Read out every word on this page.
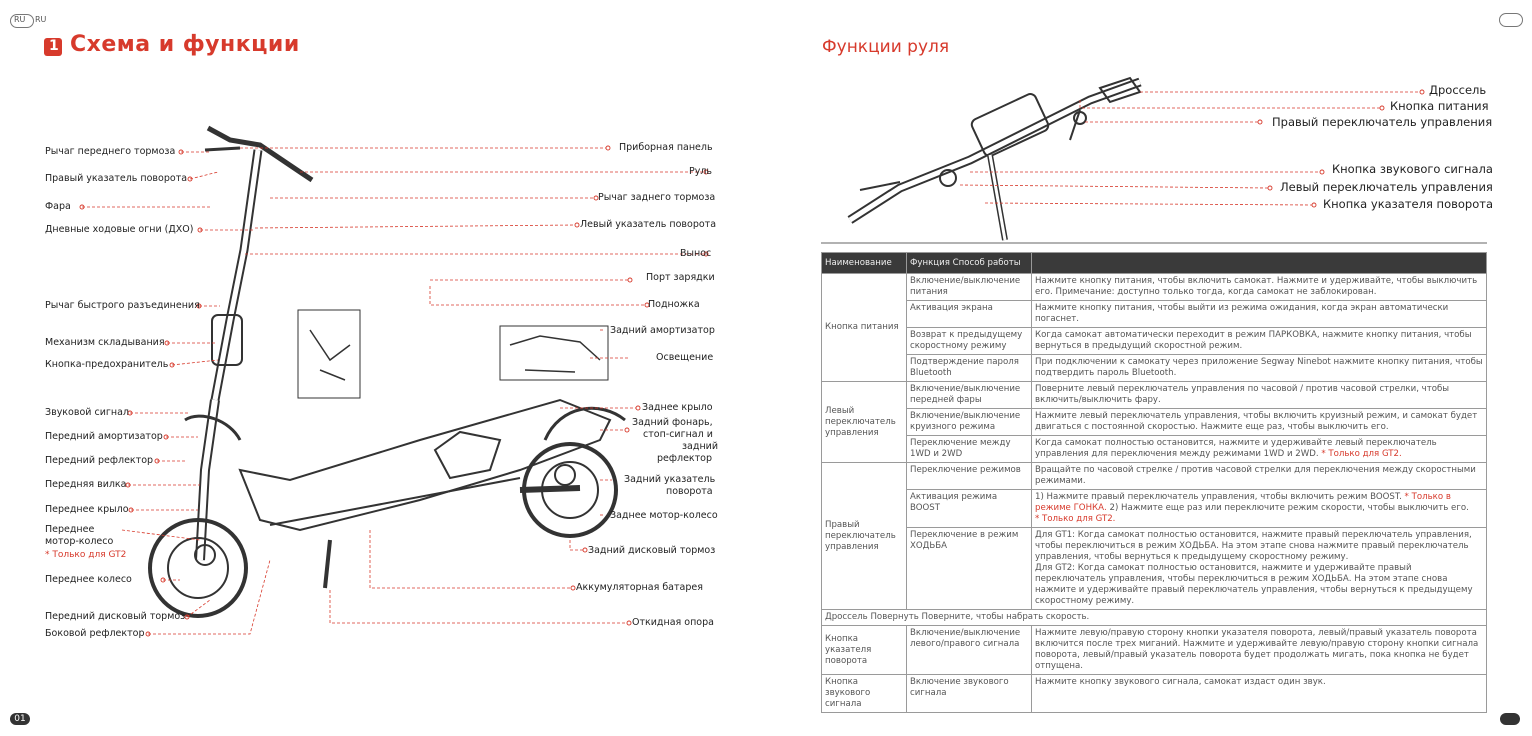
RU RU
1 Схема и функции
Рычаг переднего тормоза
Правый указатель поворота
Фара
Дневные ходовые огни (ДХО)
Рычаг быстрого разъединения
Механизм складывания
Кнопка-предохранитель
Звуковой сигнал
Передний амортизатор
Передний рефлектор
Передняя вилка
Переднее крыло
Переднее
мотор-колесо
* Только для GT2
Переднее колесо
Передний дисковый тормоз
Боковой рефлектор
Приборная панель
Руль
Рычаг заднего тормоза
Левый указатель поворота
Вынос
Порт зарядки
Подножка
Задний амортизатор
Освещение
Заднее крыло
Задний фонарь,
стоп-сигнал и
задний
рефлектор
Задний указатель
поворота
Заднее мотор-колесо
Задний дисковый тормоз
Аккумуляторная батарея
Откидная опора
01
Функции руля
Дроссель
Кнопка питания
Правый переключатель управления
Кнопка звукового сигнала
Левый переключатель управления
Кнопка указателя поворота
Наименование	Функция Способ работы	
Кнопка питания	Включение/выключение питания	Нажмите кнопку питания, чтобы включить самокат. Нажмите и удерживайте, чтобы выключить его. Примечание: доступно только тогда, когда самокат не заблокирован.
	Активация экрана	Нажмите кнопку питания, чтобы выйти из режима ожидания, когда экран автоматически погаснет.
	Возврат к предыдущему скоростному режиму	Когда самокат автоматически переходит в режим ПАРКОВКА, нажмите кнопку питания, чтобы вернуться в предыдущий скоростной режим.
	Подтверждение пароля Bluetooth	При подключении к самокату через приложение Segway Ninebot нажмите кнопку питания, чтобы подтвердить пароль Bluetooth.
Левый переключатель управления	Включение/выключение передней фары	Поверните левый переключатель управления по часовой / против часовой стрелки, чтобы включить/выключить фару.
	Включение/выключение круизного режима	Нажмите левый переключатель управления, чтобы включить круизный режим, и самокат будет двигаться с постоянной скоростью. Нажмите еще раз, чтобы выключить его.
	Переключение между 1WD и 2WD	Когда самокат полностью остановится, нажмите и удерживайте левый переключатель управления для переключения между режимами 1WD и 2WD. * Только для GT2.
Правый переключатель управления	Переключение режимов	Вращайте по часовой стрелке / против часовой стрелки для переключения между скоростными режимами.
	Активация режима BOOST	1) Нажмите правый переключатель управления, чтобы включить режим BOOST. * Только в режиме ГОНКА. 2) Нажмите еще раз или переключите режим скорости, чтобы выключить его.
* Только для GT2.
	Переключение в режим ХОДЬБА	Для GT1: Когда самокат полностью остановится, нажмите правый переключатель управления, чтобы переключиться в режим ХОДЬБА. На этом этапе снова нажмите правый переключатель управления, чтобы вернуться к предыдущему скоростному режиму.
Для GT2: Когда самокат полностью остановится, нажмите и удерживайте правый переключатель управления, чтобы переключиться в режим ХОДЬБА. На этом этапе снова нажмите и удерживайте правый переключатель управления, чтобы вернуться к предыдущему скоростному режиму.
Дроссель Повернуть Поверните, чтобы набрать скорость.		
Кнопка указателя поворота	Включение/выключение левого/правого сигнала	Нажмите левую/правую сторону кнопки указателя поворота, левый/правый указатель поворота включится после трех миганий. Нажмите и удерживайте левую/правую сторону кнопки сигнала поворота, левый/правый указатель поворота будет продолжать мигать, пока кнопка не будет отпущена.
Кнопка звукового сигнала	Включение звукового сигнала	Нажмите кнопку звукового сигнала, самокат издаст один звук.
